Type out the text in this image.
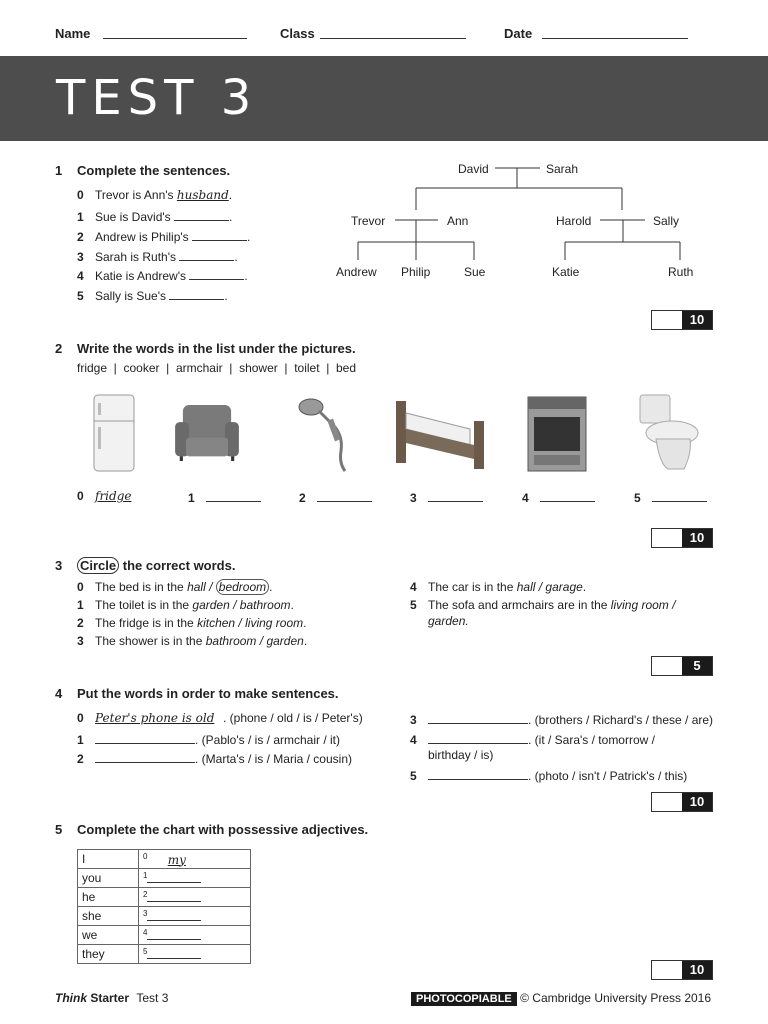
Name	Class	Date
TEST 3
1 Complete the sentences.
0 Trevor is Ann's husband.
1 Sue is David's	.
2 Andrew is Philip's	.
3 Sarah is Ruth's	.
4 Katie is Andrew's	.
5 Sally is Sue's	.
David	Sarah
Trevor	Ann	Harold	Sally
Andrew Philip	Sue	Katie	Ruth
10
2 Write the words in the list under the pictures.
fridge  |  cooker  |  armchair  |  shower  |  toilet  |  bed
0 fridge	1	2	3	4	5
10
3 Circle the correct words.
0 The bed is in the hall / bedroom .
1 The toilet is in the garden / bathroom.
2 The fridge is in the kitchen / living room.
3 The shower is in the bathroom / garden.
4 The car is in the hall / garage.
5 The sofa and armchairs are in the living room /
garden.
5
4 Put the words in order to make sentences.
0 Peter's phone is old . (phone / old / is / Peter's)
1	. (Pablo's / is / armchair / it)
2	. (Marta's / is / Maria / cousin)
3	. (brothers / Richard's / these / are)
4	. (it / Sara's / tomorrow /
birthday / is)
5	. (photo / isn't / Patrick's / this)
10
5 Complete the chart with possessive adjectives.
I	$^0$ my
you	$^1$
he	$^2$
she	$^3$
we	$^4$
they	$^5$
10
Think Starter Test 3	PHOTOCOPIABLE © Cambridge University Press 2016
